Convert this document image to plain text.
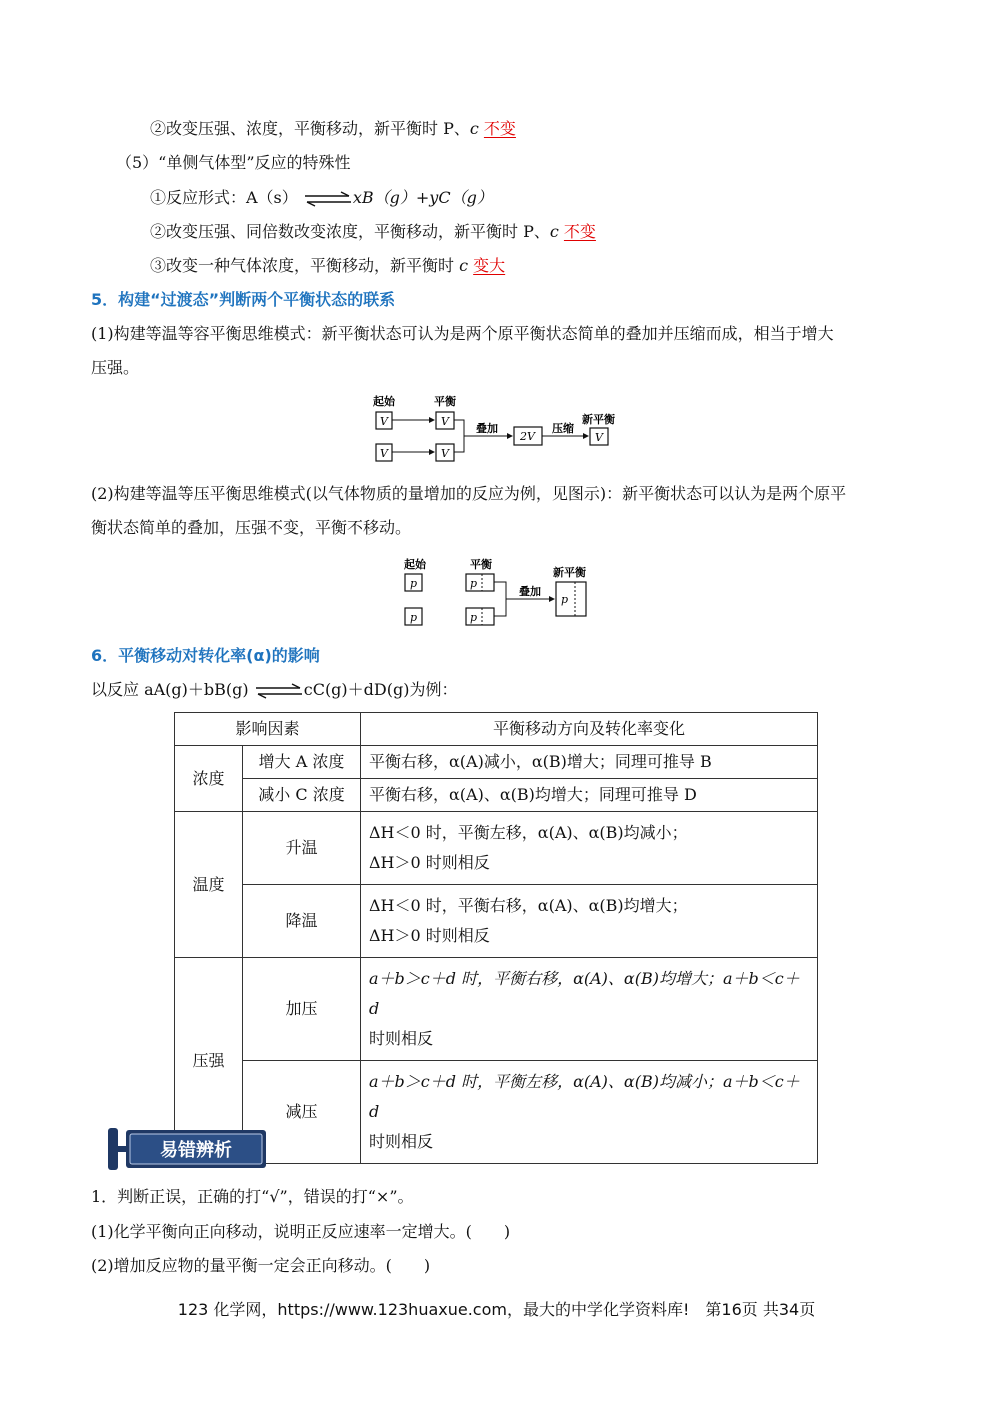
②改变压强、浓度，平衡移动，新平衡时 P、c 不变
（5）“单侧气体型”反应的特殊性
①反应形式：A（s） ⇌xB（g）+yC（g）
②改变压强、同倍数改变浓度，平衡移动，新平衡时 P、c 不变
③改变一种气体浓度，平衡移动，新平衡时 c 变大
5．构建“过渡态”判断两个平衡状态的联系
(1)构建等温等容平衡思维模式：新平衡状态可认为是两个原平衡状态简单的叠加并压缩而成，相当于增大
压强。
起始	平衡
V
V
V
V
叠加
2V
压缩
新平衡
V
(2)构建等温等压平衡思维模式(以气体物质的量增加的反应为例，见图示)：新平衡状态可以认为是两个原平
衡状态简单的叠加，压强不变，平衡不移动。
起始	平衡
新平衡
p
p
p
p
叠加
p
6．平衡移动对转化率(α)的影响
以反应 aA(g)＋bB(g) ⇌cC(g)＋dD(g)为例：
影响因素		平衡移动方向及转化率变化
浓度	增大 A 浓度	平衡右移，α(A)减小，α(B)增大；同理可推导 B
	减小 C 浓度	平衡右移，α(A)、α(B)均增大；同理可推导 D
温度	升温	ΔH＜0 时，平衡左移，α(A)、α(B)均减小；
ΔH＞0 时则相反

	降温	ΔH＜0 时，平衡右移，α(A)、α(B)均增大；
ΔH＞0 时则相反

压强	加压	a＋b＞c＋d 时，平衡右移，α(A)、α(B)均增大；a＋b＜c＋d
时则相反

	减压	a＋b＞c＋d 时，平衡左移，α(A)、α(B)均减小；a＋b＜c＋d
时则相反
易错辨析
1．判断正误，正确的打“√”，错误的打“×”。
(1)化学平衡向正向移动，说明正反应速率一定增大。(　　)
(2)增加反应物的量平衡一定会正向移动。(　　)
123 化学网，https://www.123huaxue.com，最大的中学化学资料库!　第16页 共34页
